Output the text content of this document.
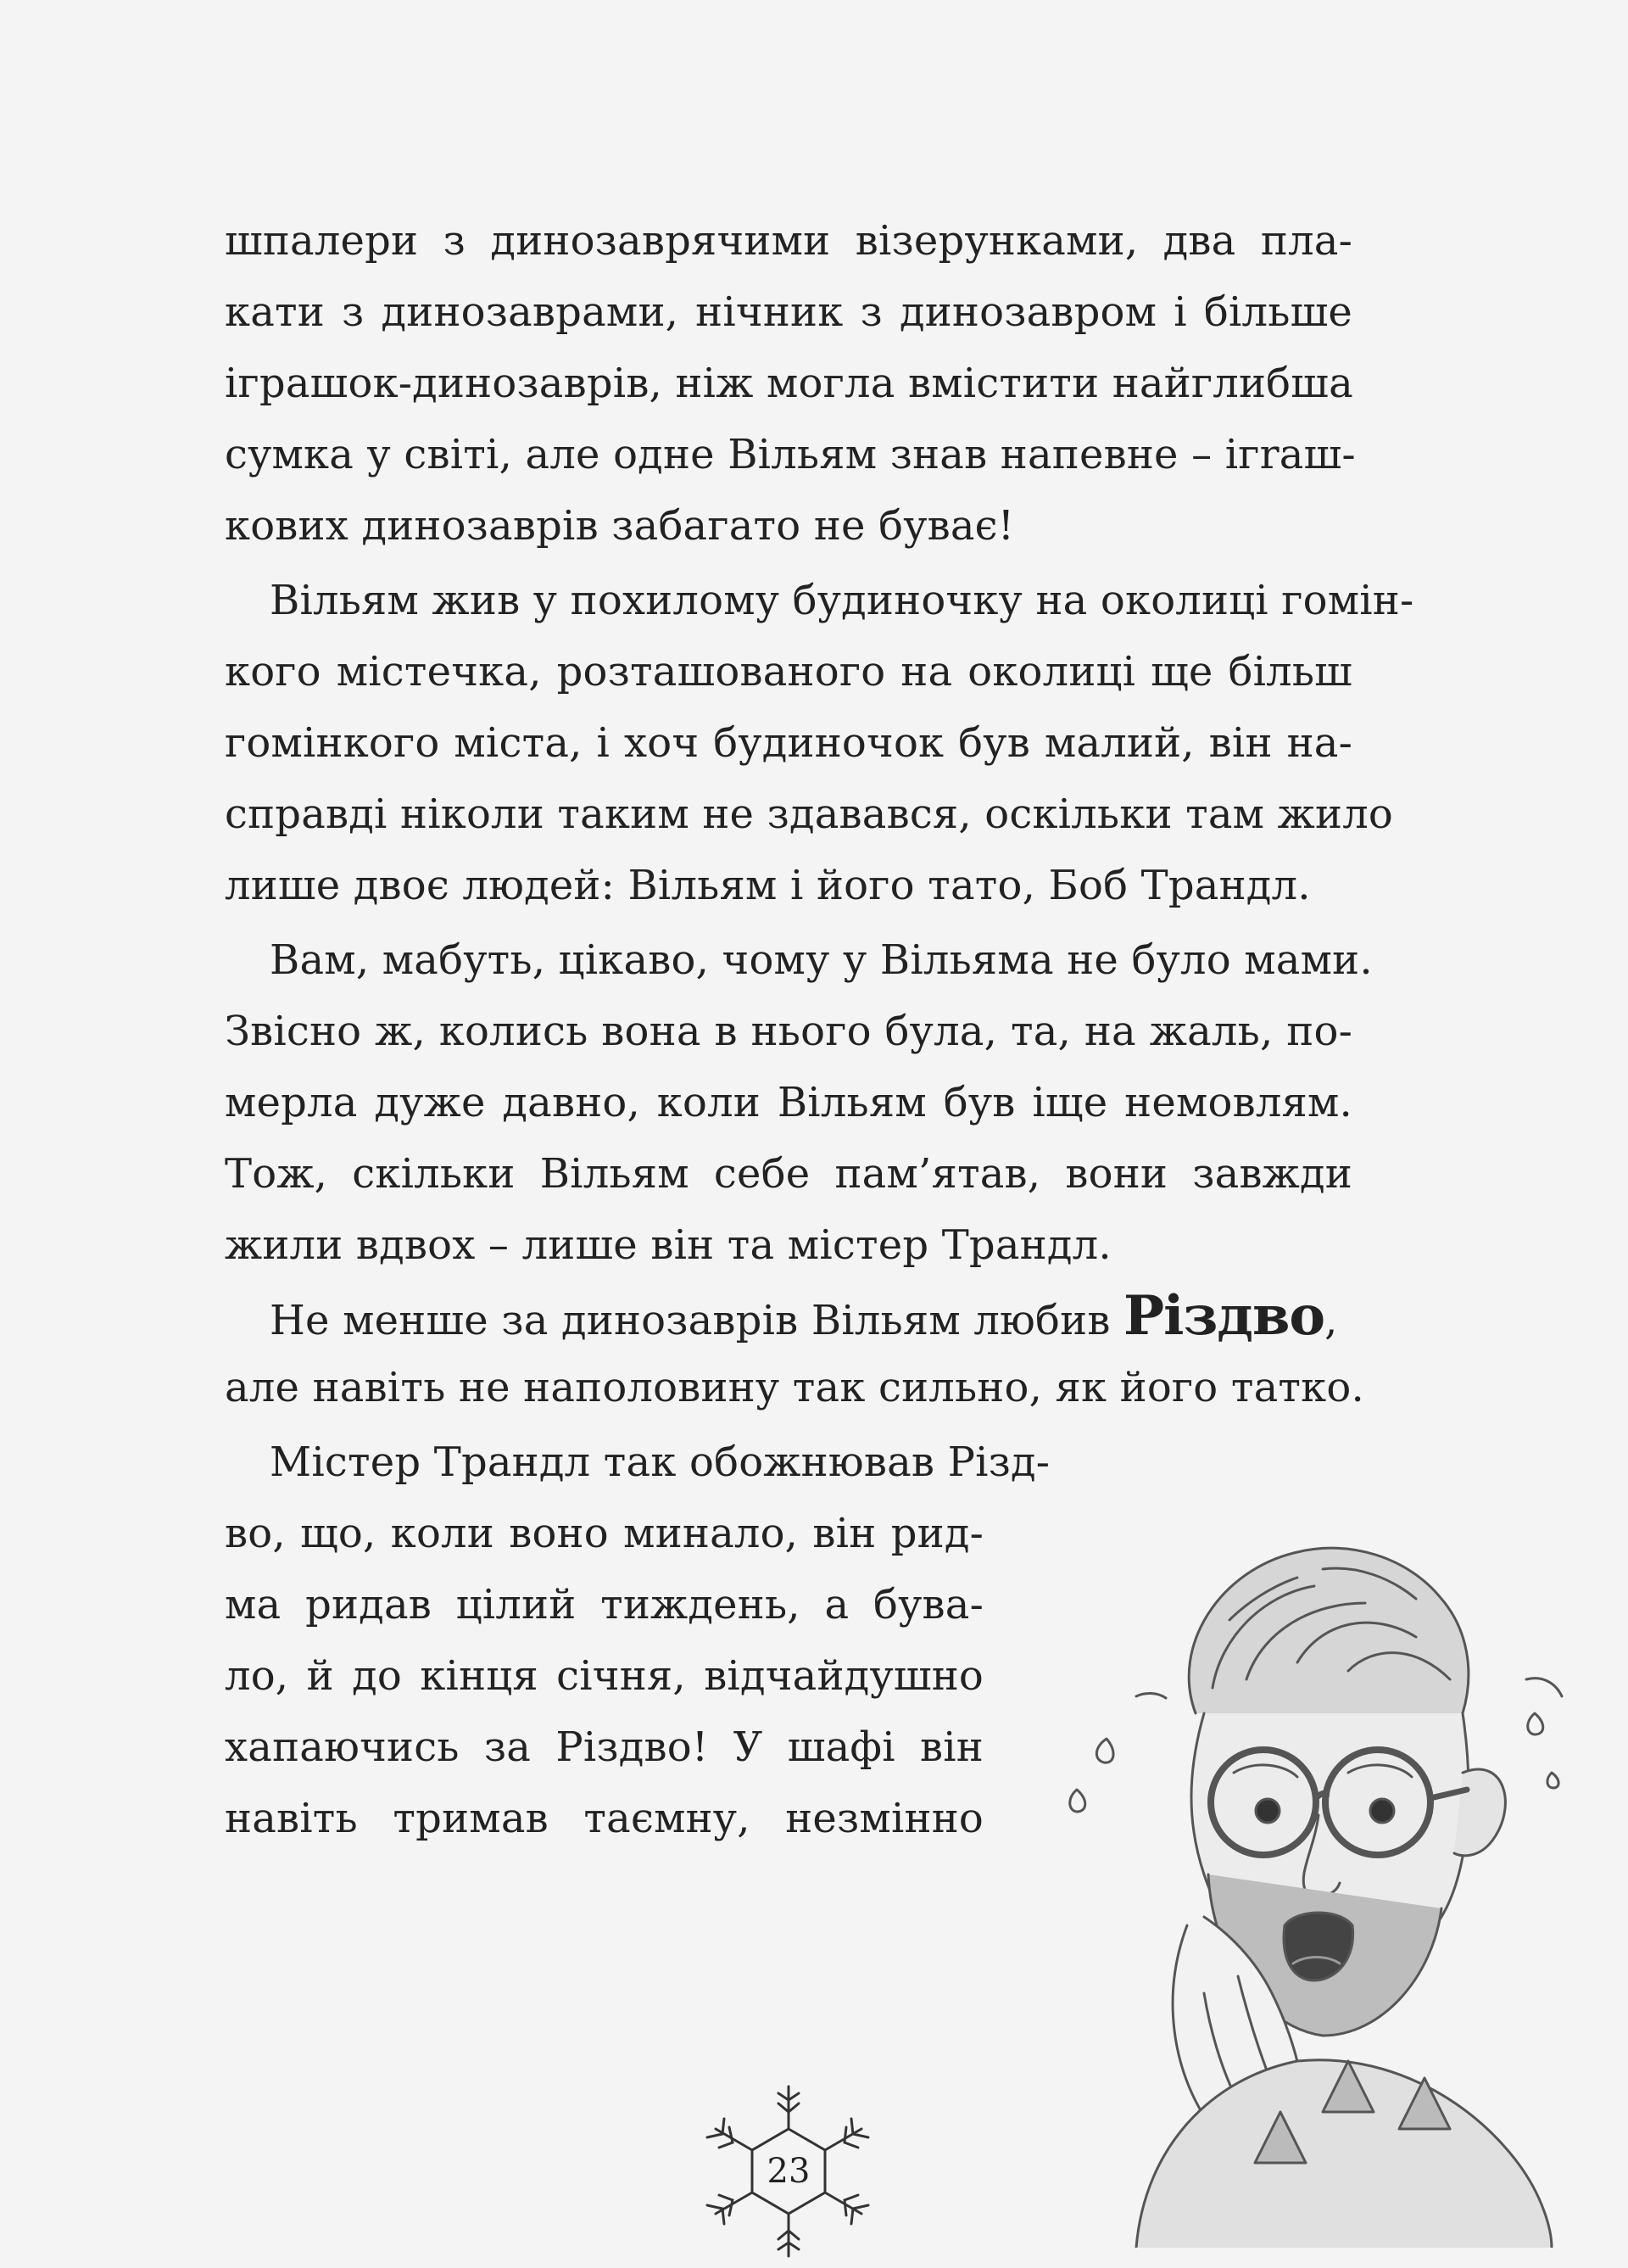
шпалери з динозаврячими візерунками, два пла-
кати з динозаврами, нічник з динозавром і більше
іграшок-динозаврів, ніж могла вмістити найглибша
сумка у світі, але одне Вільям знав напевне – ігraш-
кових динозаврів забагато не буває!
Вільям жив у похилому будиночку на околиці гомін-
кого містечка, розташованого на околиці ще більш
гомінкого міста, і хоч будиночок був малий, він на-
справді ніколи таким не здавався, оскільки там жило
лише двоє людей: Вільям і його тато, Боб Трандл.
Вам, мабуть, цікаво, чому у Вільяма не було мами.
Звісно ж, колись вона в нього була, та, на жаль, по-
мерла дуже давно, коли Вільям був іще немовлям.
Тож, скільки Вільям себе пам’ятав, вони завжди
жили вдвох – лише він та містер Трандл.
Не менше за динозаврів Вільям любив Різдво,
але навіть не наполовину так сильно, як його татко.
Містер Трандл так обожнював Різд-
во, що, коли воно минало, він рид-
ма ридав цілий тиждень, а бува-
ло, й до кінця січня, відчайдушно
хапаючись за Різдво! У шафі він
навіть тримав таємну, незмінно
23
